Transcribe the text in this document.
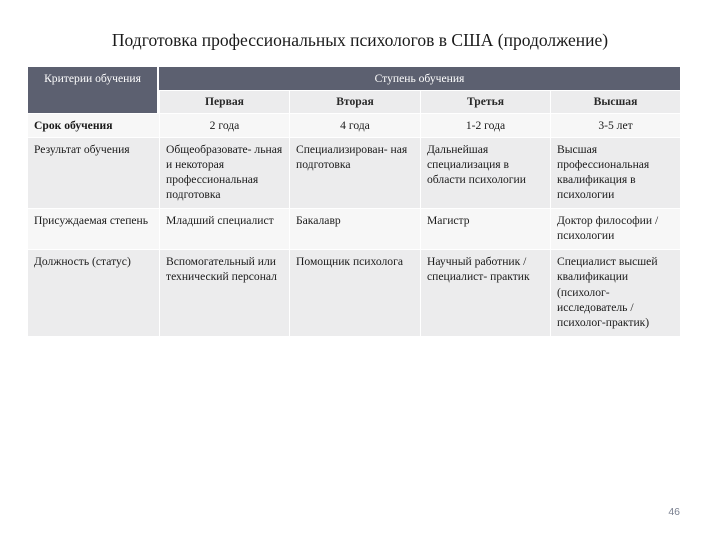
Подготовка профессиональных психологов в США (продолжение)
Критерии обучения	Ступень обучения			
	Первая	Вторая	Третья	Высшая
Срок обучения	2 года	4 года	1-2 года	3-5 лет
Результат обучения	Общеобразовате- льная и некоторая профессиональная подготовка	Специализирован- ная подготовка	Дальнейшая специализация в области психологии	Высшая профессиональная квалификация в психологии
Присуждаемая степень	Младший специалист	Бакалавр	Магистр	Доктор философии / психологии
Должность (статус)	Вспомогательный или технический персонал	Помощник психолога	Научный работник / специалист- практик	Специалист высшей квалификации (психолог- исследователь / психолог-практик)
46
